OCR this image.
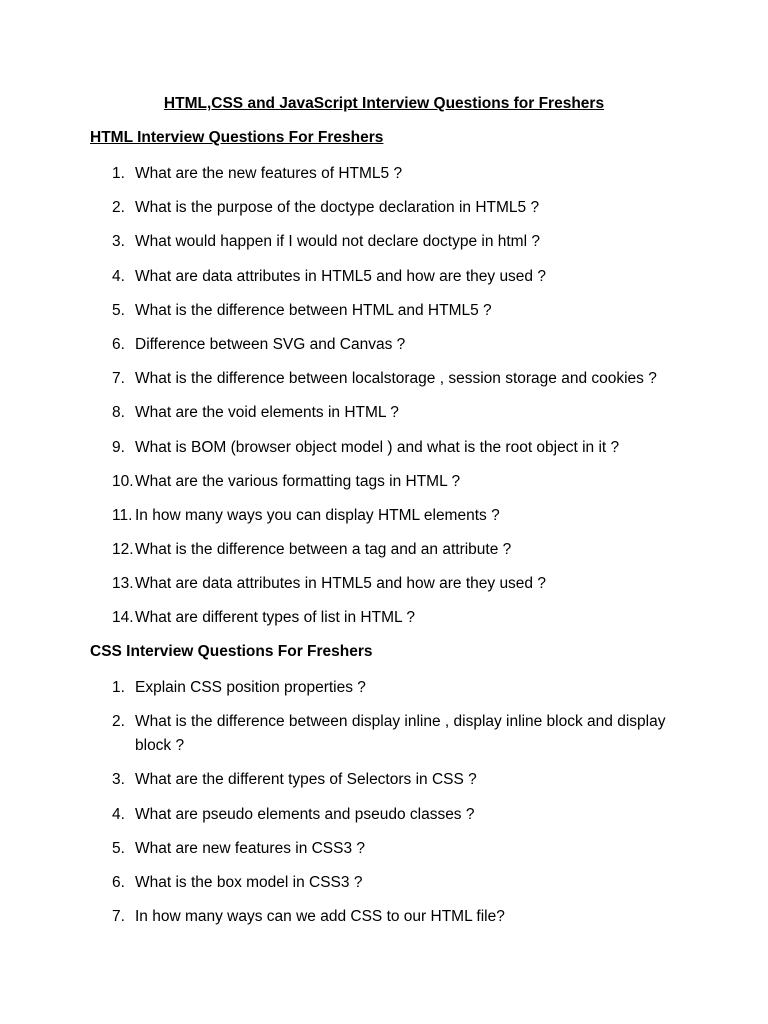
HTML,CSS and JavaScript Interview Questions for Freshers
HTML Interview Questions For Freshers
1. What are the new features of HTML5 ?
2. What is the purpose of the doctype declaration in HTML5 ?
3. What would happen if I would not declare doctype in html ?
4. What are data attributes in HTML5 and how are they used ?
5. What is the difference between HTML and HTML5 ?
6. Difference between SVG and Canvas ?
7. What is the difference between localstorage , session storage and cookies ?
8. What are the void elements in HTML ?
9. What is BOM (browser object model ) and what is the root object in it ?
10. What are the various formatting tags in HTML ?
11. In how many ways you can display HTML elements ?
12. What is the difference between a tag and an attribute ?
13. What are data attributes in HTML5 and how are they used ?
14. What are different types of list in HTML ?
CSS Interview Questions For Freshers
1. Explain CSS position properties ?
2. What is the difference between display inline , display inline block and display block ?
3. What are the different types of Selectors in CSS ?
4. What are pseudo elements and pseudo classes ?
5. What are new features in CSS3 ?
6. What is the box model in CSS3 ?
7. In how many ways can we add CSS to our HTML file?
